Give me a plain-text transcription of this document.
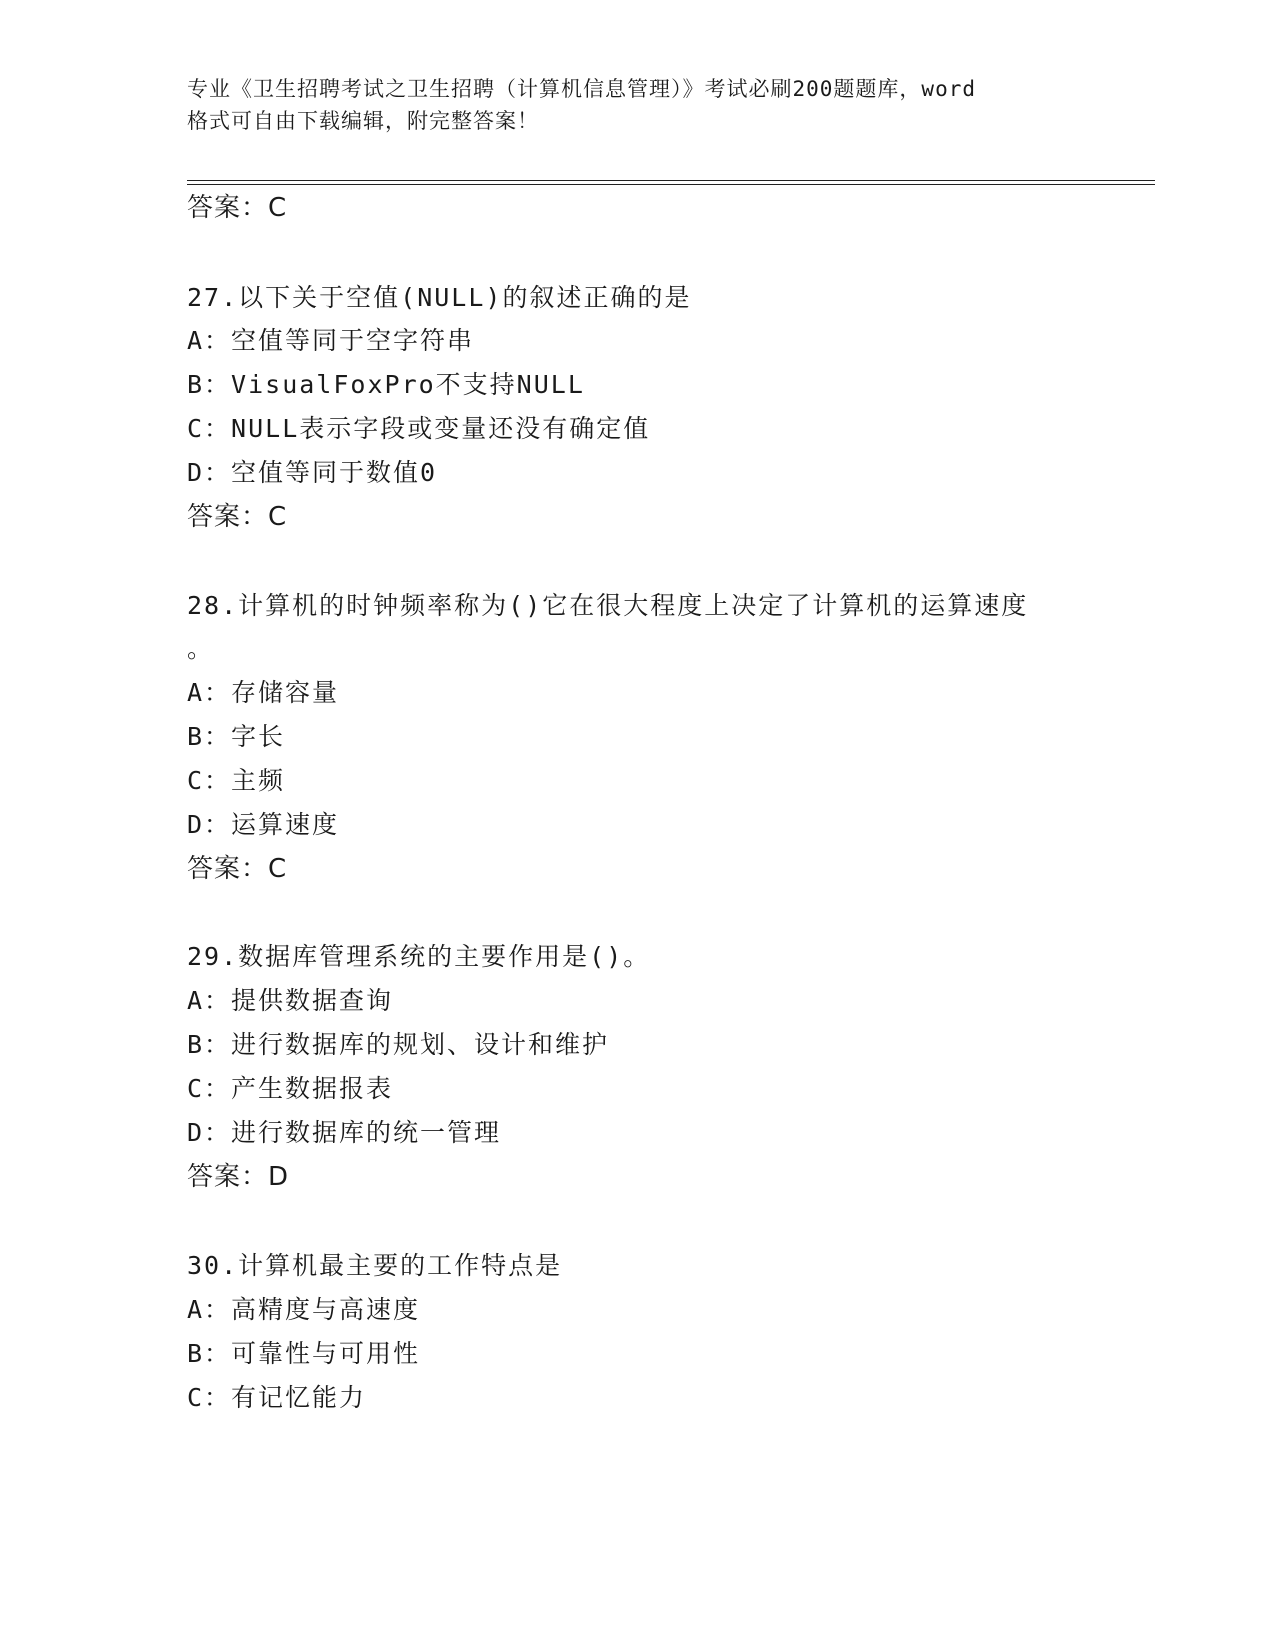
专业《卫生招聘考试之卫生招聘（计算机信息管理）》考试必刷200题题库，word
格式可自由下载编辑，附完整答案！
答案：C
27.以下关于空值(NULL)的叙述正确的是
A：空值等同于空字符串
B：VisualFoxPro不支持NULL
C：NULL表示字段或变量还没有确定值
D：空值等同于数值0
答案：C
28.计算机的时钟频率称为()它在很大程度上决定了计算机的运算速度
。
A：存储容量
B：字长
C：主频
D：运算速度
答案：C
29.数据库管理系统的主要作用是()。
A：提供数据查询
B：进行数据库的规划、设计和维护
C：产生数据报表
D：进行数据库的统一管理
答案：D
30.计算机最主要的工作特点是
A：高精度与高速度
B：可靠性与可用性
C：有记忆能力
